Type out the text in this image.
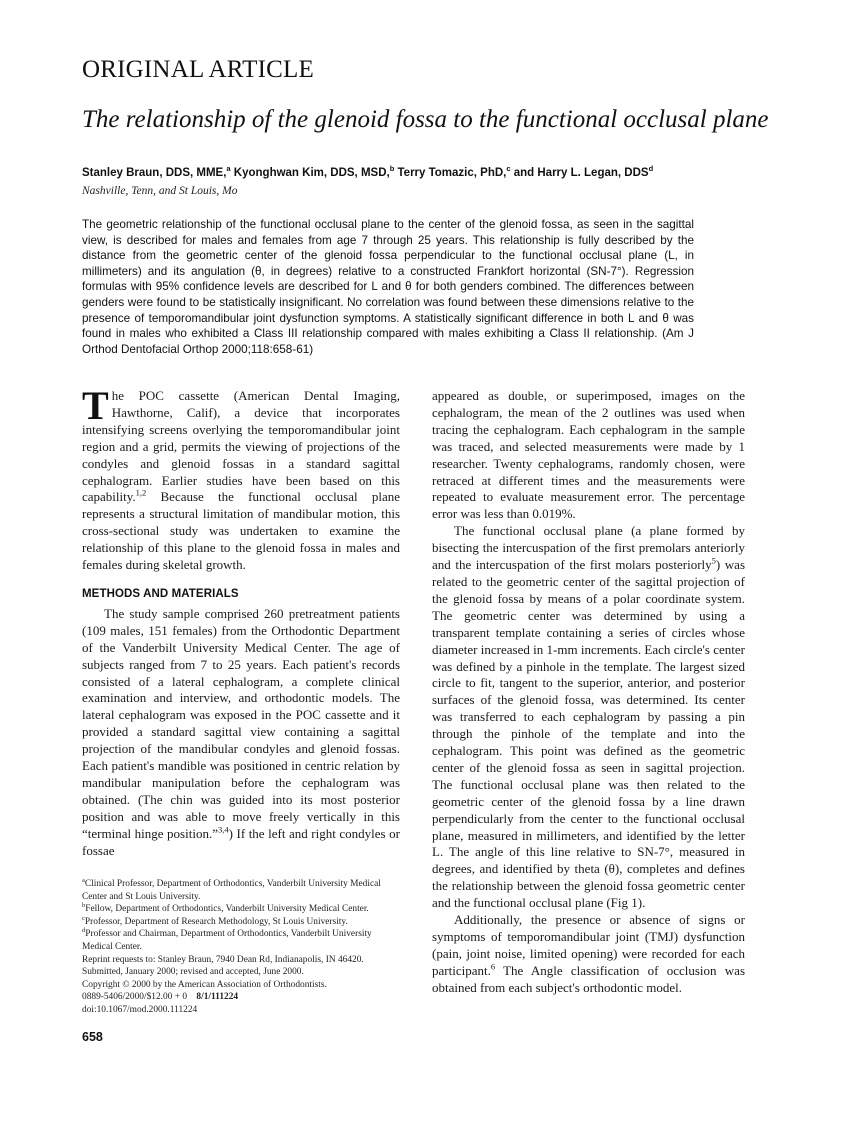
ORIGINAL ARTICLE
The relationship of the glenoid fossa to the functional occlusal plane
Stanley Braun, DDS, MME,$^a$ Kyonghwan Kim, DDS, MSD,$^b$ Terry Tomazic, PhD,$^c$ and Harry L. Legan, DDS$^d$
Nashville, Tenn, and St Louis, Mo

The geometric relationship of the functional occlusal plane to the center of the glenoid fossa, as seen in the sagittal view, is described for males and females from age 7 through 25 years. This relationship is fully described by the distance from the geometric center of the glenoid fossa perpendicular to the functional occlusal plane (L, in millimeters) and its angulation (θ, in degrees) relative to a constructed Frankfort horizontal (SN-7°). Regression formulas with 95% confidence levels are described for L and θ for both genders combined. The differences between genders were found to be statistically insignificant. No correlation was found between these dimensions relative to the presence of temporomandibular joint dysfunction symptoms. A statistically significant difference in both L and θ was found in males who exhibited a Class III relationship compared with males exhibiting a Class II relationship. (Am J Orthod Dentofacial Orthop 2000;118:658-61)

The POC cassette (American Dental Imaging, Hawthorne, Calif), a device that incorporates intensifying screens overlying the temporomandibular joint region and a grid, permits the viewing of projections of the condyles and glenoid fossas in a standard sagittal cephalogram. Earlier studies have been based on this capability.$^{1,2}$ Because the functional occlusal plane represents a structural limitation of mandibular motion, this cross-sectional study was undertaken to examine the relationship of this plane to the glenoid fossa in males and females during skeletal growth.

METHODS AND MATERIALS

The study sample comprised 260 pretreatment patients (109 males, 151 females) from the Orthodontic Department of the Vanderbilt University Medical Center. The age of subjects ranged from 7 to 25 years. Each patient's records consisted of a lateral cephalogram, a complete clinical examination and interview, and orthodontic models. The lateral cephalogram was exposed in the POC cassette and it provided a standard sagittal view containing a sagittal projection of the mandibular condyles and glenoid fossas. Each patient's mandible was positioned in centric relation by mandibular manipulation before the cephalogram was obtained. (The chin was guided into its most posterior position and was able to move freely vertically in this “terminal hinge position.”$^{3,4}$) If the left and right condyles or fossae

appeared as double, or superimposed, images on the cephalogram, the mean of the 2 outlines was used when tracing the cephalogram. Each cephalogram in the sample was traced, and selected measurements were made by 1 researcher. Twenty cephalograms, randomly chosen, were retraced at different times and the measurements were repeated to evaluate measurement error. The percentage error was less than 0.019%.

The functional occlusal plane (a plane formed by bisecting the intercuspation of the first premolars anteriorly and the intercuspation of the first molars posteriorly$^5$) was related to the geometric center of the sagittal projection of the glenoid fossa by means of a polar coordinate system. The geometric center was determined by using a transparent template containing a series of circles whose diameter increased in 1-mm increments. Each circle's center was defined by a pinhole in the template. The largest sized circle to fit, tangent to the superior, anterior, and posterior surfaces of the glenoid fossa, was determined. Its center was transferred to each cephalogram by passing a pin through the pinhole of the template and into the cephalogram. This point was defined as the geometric center of the glenoid fossa as seen in sagittal projection. The functional occlusal plane was then related to the geometric center of the glenoid fossa by a line drawn perpendicularly from the center to the functional occlusal plane, measured in millimeters, and identified by the letter L. The angle of this line relative to SN-7°, measured in degrees, and identified by theta (θ), completes and defines the relationship between the glenoid fossa geometric center and the functional occlusal plane (Fig 1).

Additionally, the presence or absence of signs or symptoms of temporomandibular joint (TMJ) dysfunction (pain, joint noise, limited opening) were recorded for each participant.$^6$ The Angle classification of occlusion was obtained from each subject's orthodontic model.

$^a$Clinical Professor, Department of Orthodontics, Vanderbilt University Medical Center and St Louis University.
$^b$Fellow, Department of Orthodontics, Vanderbilt University Medical Center.
$^c$Professor, Department of Research Methodology, St Louis University.
$^d$Professor and Chairman, Department of Orthodontics, Vanderbilt University Medical Center.
Reprint requests to: Stanley Braun, 7940 Dean Rd, Indianapolis, IN 46420.
Submitted, January 2000; revised and accepted, June 2000.
Copyright © 2000 by the American Association of Orthodontists.
0889-5406/2000/$12.00 + 0 8/1/111224
doi:10.1067/mod.2000.111224
658
